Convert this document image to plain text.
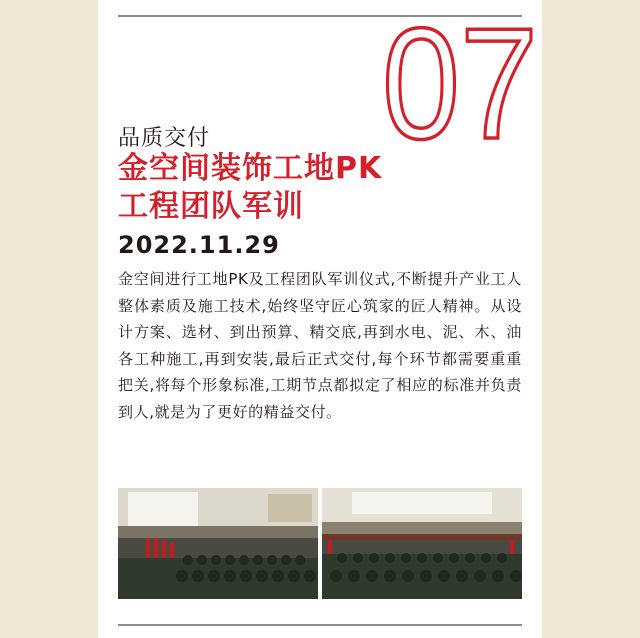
07
品质交付
金空间装饰工地PK
工程团队军训
2022.11.29
金空间进行工地PK及工程团队军训仪式,不断提升产业工人整体素质及施工技术,始终坚守匠心筑家的匠人精神。从设计方案、选材、到出预算、精交底,再到水电、泥、木、油各工种施工,再到安装,最后正式交付,每个环节都需要重重把关,将每个形象标准,工期节点都拟定了相应的标准并负责到人,就是为了更好的精益交付。
